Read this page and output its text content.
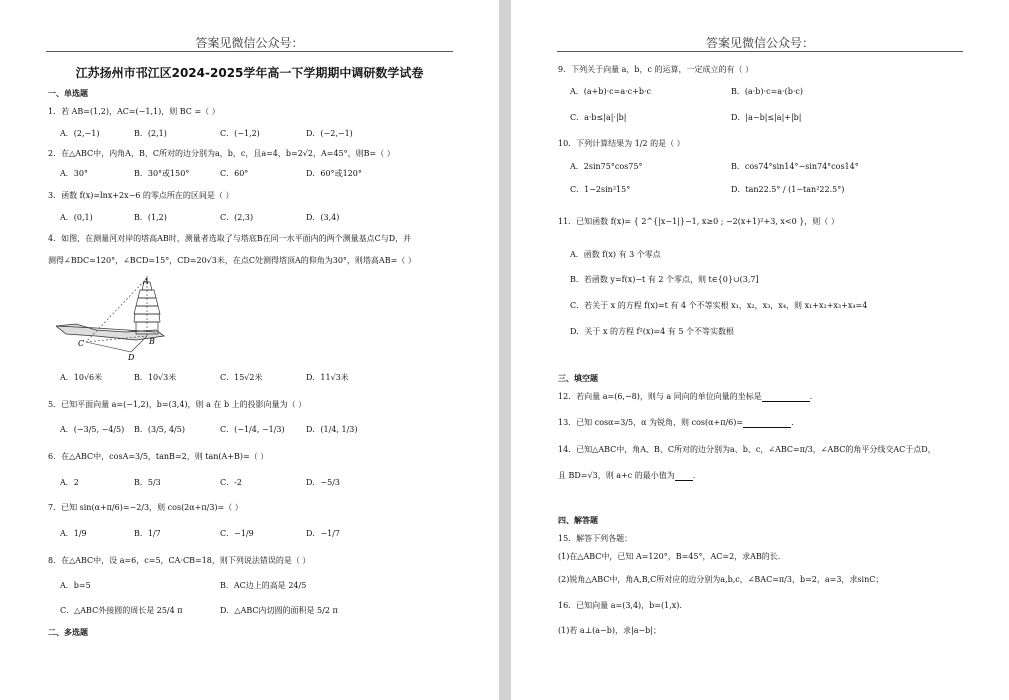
答案见微信公众号：
江苏扬州市邗江区2024-2025学年高一下学期期中调研数学试卷
一、单选题
1．若 AB=(1,2)，AC=(−1,1)，则 BC =（ ）
A．(2,−1)	B．(2,1)	C．(−1,2)	D．(−2,−1)
2．在△ABC中，内角A，B，C所对的边分别为a，b，c，且a=4，b=2√2，A=45°，则B=（ ）
A．30°	B．30°或150°	C．60°	D．60°或120°
3．函数 f(x)=lnx+2x−6 的零点所在的区间是（ ）
A．(0,1)	B．(1,2)	C．(2,3)	D．(3,4)
4．如图，在测量河对岸的塔高AB时，测量者选取了与塔底B在同一水平面内的两个测量基点C与D，并
测得∠BDC=120°，∠BCD=15°，CD=20√3米，在点C处测得塔顶A的仰角为30°，则塔高AB=（ ）
A．10√6米	B．10√3米	C．15√2米	D．11√3米
5．已知平面向量 a=(−1,2)，b=(3,4)，则 a 在 b 上的投影向量为（ ）
A．(−3/5, −4/5) B．(3/5, 4/5)	C．(−1/4, −1/3)	D．(1/4, 1/3)
6．在△ABC中，cosA=3/5，tanB=2，则 tan(A+B)=（ ）
A．2	B．5/3	C．-2	D．−5/3
7．已知 sin(α+π/6)=−2/3，则 cos(2α+π/3)=（ ）
A．1/9	B．1/7	C．−1/9	D．−1/7
8．在△ABC中，设 a=6，c=5，CA·CB=18，则下列说法错误的是（ ）
A．b=5	B．AC边上的高是 24/5
C．△ABC外接圆的周长是 25/4 π	D．△ABC内切圆的面积是 5/2 π
二、多选题
A
B
C
D
答案见微信公众号：
9．下列关于向量 a，b，c 的运算，一定成立的有（ ）
A．(a+b)·c=a·c+b·c	B．(a·b)·c=a·(b·c)
C．a·b≤|a|·|b|	D．|a−b|≤|a|+|b|
10．下列计算结果为 1/2 的是（ ）
A．2sin75°cos75°	B．cos74°sin14°−sin74°cos14°
C．1−2sin²15°	D．tan22.5° / (1−tan²22.5°)
11．已知函数 f(x)= { 2^{|x−1|}−1, x≥0 ; −2(x+1)²+3, x<0 }，则（ ）
A．函数 f(x) 有 3 个零点
B．若函数 y=f(x)−t 有 2 个零点，则 t∈{0}∪(3,7]
C．若关于 x 的方程 f(x)=t 有 4 个不等实根 x₁，x₂，x₃，x₄，则 x₁+x₂+x₃+x₄=4
D．关于 x 的方程 f²(x)=4 有 5 个不等实数根
三、填空题
12．若向量 a=(6,−8)，则与 a 同向的单位向量的坐标是	.
13．已知 cosα=3/5，α 为锐角，则 cos(α+π/6)=	.
14．已知△ABC中，角A、B、C所对的边分别为a、b、c，∠ABC=π/3，∠ABC的角平分线交AC于点D，
且 BD=√3，则 a+c 的最小值为 .
四、解答题
15．解答下列各题：
(1)在△ABC中，已知 A=120°，B=45°，AC=2，求AB的长.
(2)锐角△ABC中，角A,B,C所对应的边分别为a,b,c，∠BAC=π/3，b=2，a=3，求sinC；
16．已知向量 a=(3,4)，b=(1,x).
(1)若 a⊥(a−b)，求|a−b|；
